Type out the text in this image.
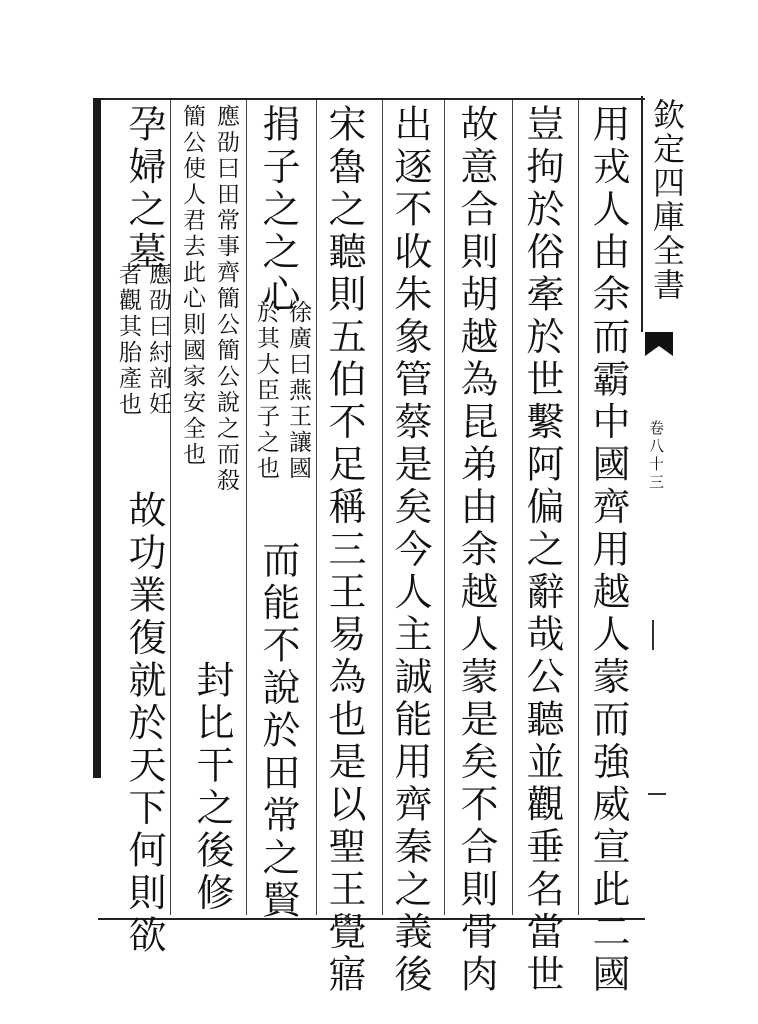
欽定四庫全書
卷八十三
用戎人由余而霸中國齊用越人蒙而強威宣此二國
豈拘於俗牽於世繫阿偏之辭哉公聽並觀垂名當世
故意合則胡越為昆弟由余越人蒙是矣不合則骨肉
出逐不收朱象管蔡是矣今人主誠能用齊秦之義後
宋魯之聽則五伯不足稱三王易為也是以聖王覺寤
捐子之之心
徐廣曰燕王讓國
於其大臣子之也
而能不說於田常之賢
應劭曰田常事齊簡公簡公說之而殺
簡公使人君去此心則國家安全也
封比干之後修
孕婦之墓
應劭曰紂剖妊
者觀其胎產也
故功業復就於天下何則欲
